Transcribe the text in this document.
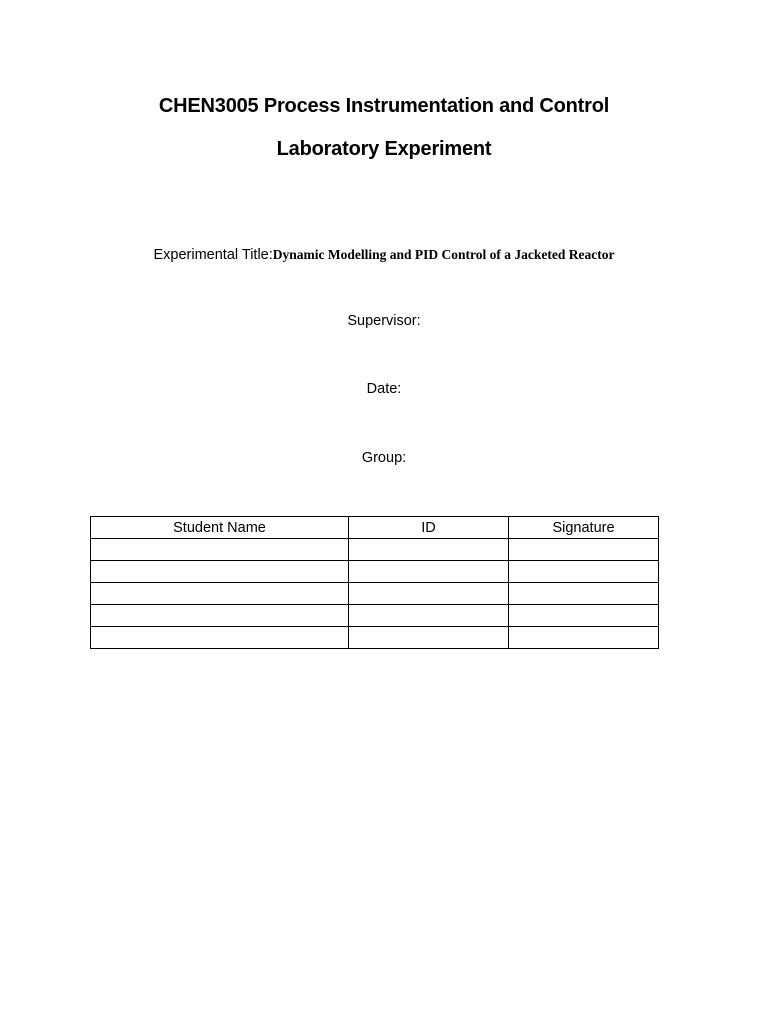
CHEN3005 Process Instrumentation and Control
Laboratory Experiment
Experimental Title:Dynamic Modelling and PID Control of a Jacketed Reactor
Supervisor:
Date:
Group:
Student Name	ID	Signature
